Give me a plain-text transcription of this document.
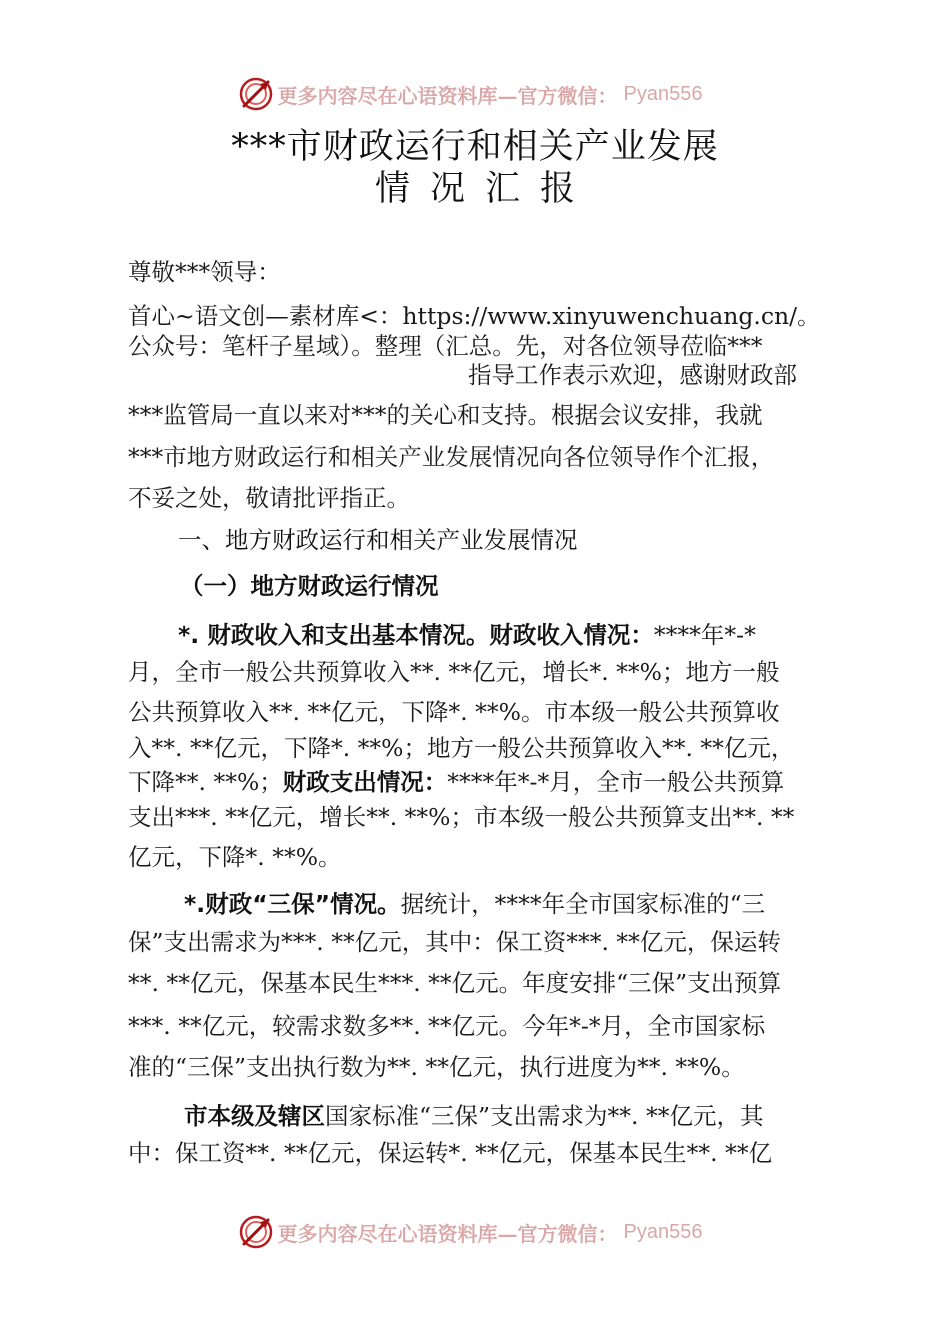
更多内容尽在心语资料库—官方微信： Pyan556
***市财政运行和相关产业发展
情况汇报
尊敬***领导：
首心~语文创—素材库<：https://www.xinyuwenchuang.cn/。
公众号：笔杆子星域）。整理（汇总。先，对各位领导莅临***
指导工作表示欢迎，感谢财政部
***监管局一直以来对***的关心和支持。根据会议安排，我就
***市地方财政运行和相关产业发展情况向各位领导作个汇报，
不妥之处，敬请批评指正。
一、地方财政运行和相关产业发展情况
（一）地方财政运行情况
*. 财政收入和支出基本情况。财政收入情况：****年*-*
月，全市一般公共预算收入**. **亿元，增长*. **%；地方一般
公共预算收入**. **亿元，下降*. **%。市本级一般公共预算收
入**. **亿元，下降*. **%；地方一般公共预算收入**. **亿元，
下降**. **%；财政支出情况：****年*-*月，全市一般公共预算
支出***. **亿元，增长**. **%；市本级一般公共预算支出**. **
亿元，下降*. **%。
*.财政“三保”情况。据统计，****年全市国家标准的“三
保”支出需求为***. **亿元，其中：保工资***. **亿元，保运转
**. **亿元，保基本民生***. **亿元。年度安排“三保”支出预算
***. **亿元，较需求数多**. **亿元。今年*-*月，全市国家标
准的“三保”支出执行数为**. **亿元，执行进度为**. **%。
市本级及辖区国家标准“三保”支出需求为**. **亿元，其
中：保工资**. **亿元，保运转*. **亿元，保基本民生**. **亿
更多内容尽在心语资料库—官方微信： Pyan556
